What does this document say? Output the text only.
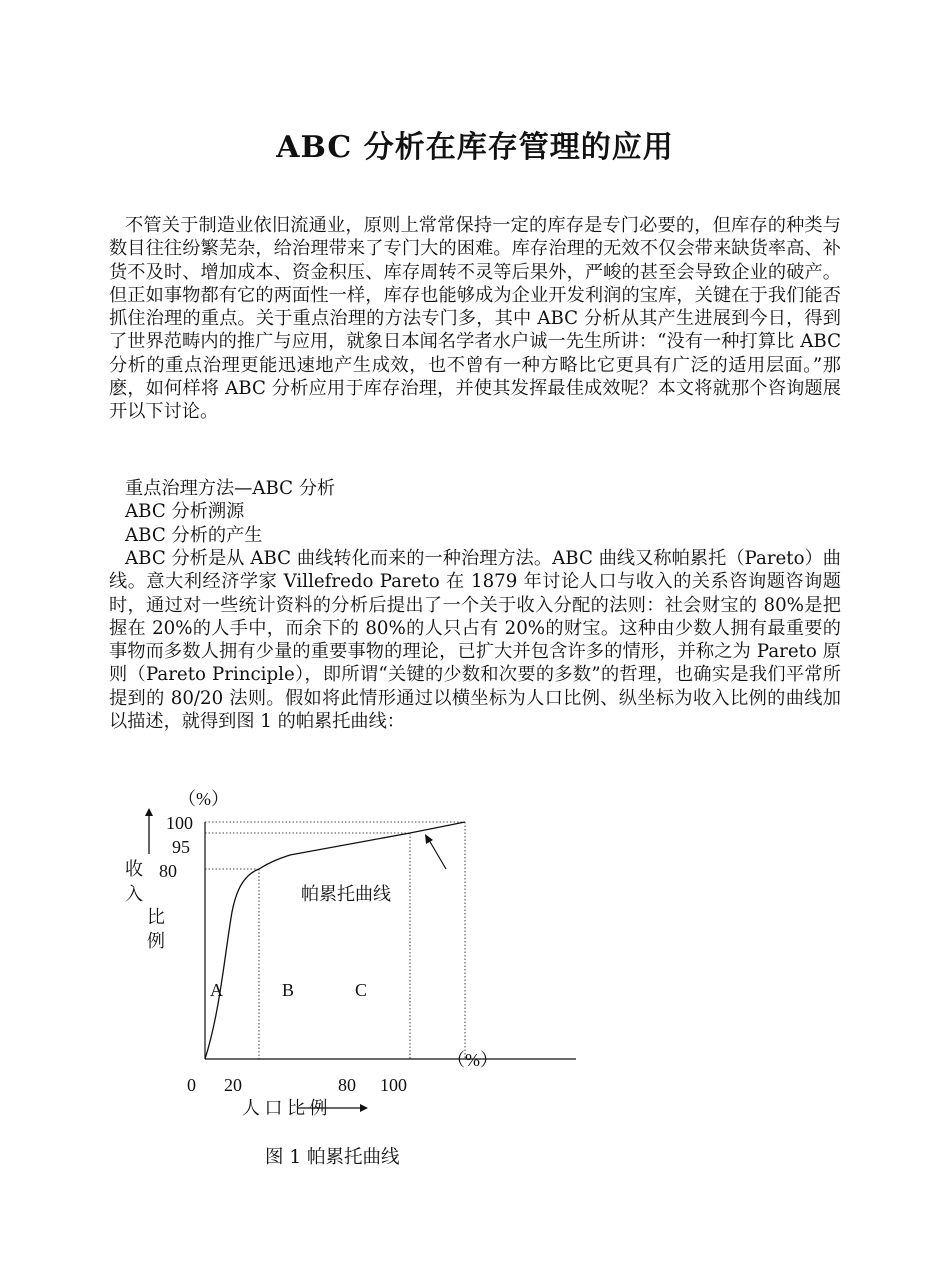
ABC 分析在库存管理的应用
不管关于制造业依旧流通业，原则上常常保持一定的库存是专门必要的，但库存的种类与数目往往纷繁芜杂，给治理带来了专门大的困难。库存治理的无效不仅会带来缺货率高、补货不及时、增加成本、资金积压、库存周转不灵等后果外，严峻的甚至会导致企业的破产。但正如事物都有它的两面性一样，库存也能够成为企业开发利润的宝库，关键在于我们能否抓住治理的重点。关于重点治理的方法专门多，其中 ABC 分析从其产生进展到今日，得到了世界范畴内的推广与应用，就象日本闻名学者水户诚一先生所讲：“没有一种打算比 ABC 分析的重点治理更能迅速地产生成效，也不曾有一种方略比它更具有广泛的适用层面。”那麽，如何样将 ABC 分析应用于库存治理，并使其发挥最佳成效呢？本文将就那个咨询题展开以下讨论。
重点治理方法—ABC 分析
ABC 分析溯源
ABC 分析的产生
ABC 分析是从 ABC 曲线转化而来的一种治理方法。ABC 曲线又称帕累托（Pareto）曲线。意大利经济学家 Villefredo Pareto 在 1879 年讨论人口与收入的关系咨询题咨询题时，通过对一些统计资料的分析后提出了一个关于收入分配的法则：社会财宝的 80%是把握在 20%的人手中，而余下的 80%的人只占有 20%的财宝。这种由少数人拥有最重要的事物而多数人拥有少量的重要事物的理论，已扩大并包含许多的情形，并称之为 Pareto 原则（Pareto Principle），即所谓“关键的少数和次要的多数”的哲理，也确实是我们平常所提到的 80/20 法则。假如将此情形通过以横坐标为人口比例、纵坐标为收入比例的曲线加以描述，就得到图 1 的帕累托曲线：
（%）
100
95
80
收
入
比
例
帕累托曲线
A	B	C
（%）
0 20	80 100
人 口 比 例
图 1 帕累托曲线
